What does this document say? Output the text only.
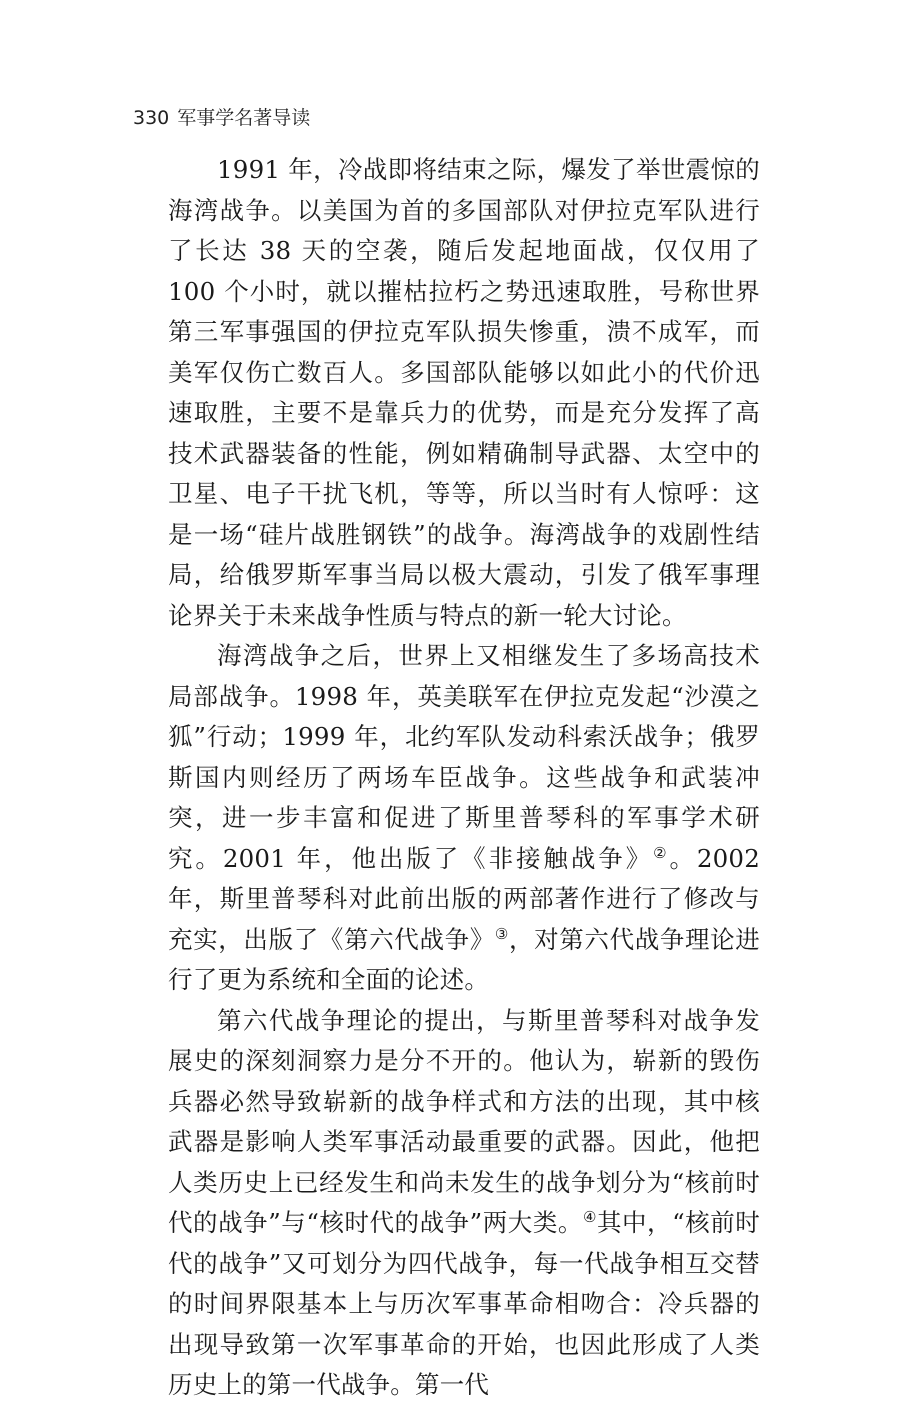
330 军事学名著导读

1991 年，冷战即将结束之际，爆发了举世震惊的海湾战争。以美国为首的多国部队对伊拉克军队进行了长达 38 天的空袭，随后发起地面战，仅仅用了 100 个小时，就以摧枯拉朽之势迅速取胜，号称世界第三军事强国的伊拉克军队损失惨重，溃不成军，而美军仅伤亡数百人。多国部队能够以如此小的代价迅速取胜，主要不是靠兵力的优势，而是充分发挥了高技术武器装备的性能，例如精确制导武器、太空中的卫星、电子干扰飞机，等等，所以当时有人惊呼：这是一场“硅片战胜钢铁”的战争。海湾战争的戏剧性结局，给俄罗斯军事当局以极大震动，引发了俄军事理论界关于未来战争性质与特点的新一轮大讨论。

海湾战争之后，世界上又相继发生了多场高技术局部战争。1998 年，英美联军在伊拉克发起“沙漠之狐”行动；1999 年，北约军队发动科索沃战争；俄罗斯国内则经历了两场车臣战争。这些战争和武装冲突，进一步丰富和促进了斯里普琴科的军事学术研究。2001 年，他出版了《非接触战争》②。2002 年，斯里普琴科对此前出版的两部著作进行了修改与充实，出版了《第六代战争》③，对第六代战争理论进行了更为系统和全面的论述。

第六代战争理论的提出，与斯里普琴科对战争发展史的深刻洞察力是分不开的。他认为，崭新的毁伤兵器必然导致崭新的战争样式和方法的出现，其中核武器是影响人类军事活动最重要的武器。因此，他把人类历史上已经发生和尚未发生的战争划分为“核前时代的战争”与“核时代的战争”两大类。④其中，“核前时代的战争”又可划分为四代战争，每一代战争相互交替的时间界限基本上与历次军事革命相吻合：冷兵器的出现导致第一次军事革命的开始，也因此形成了人类历史上的第一代战争。第一代
